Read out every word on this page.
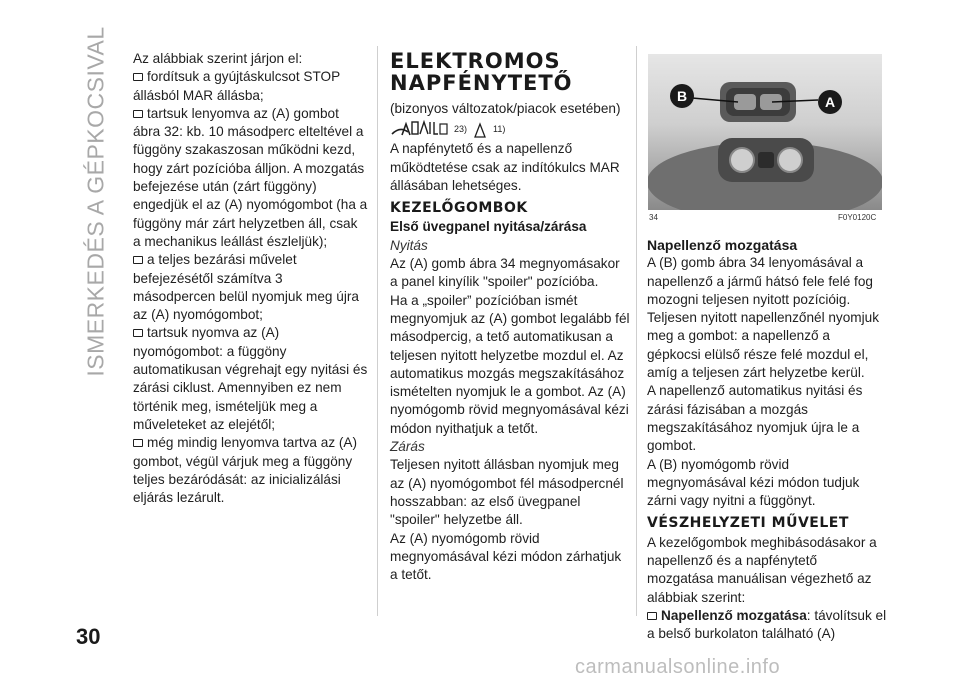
ISMERKEDÉS A GÉPKOCSIVAL Az alábbiak szerint járjon el:

fordítsuk a gyújtáskulcsot STOP állásból MAR állásba;

tartsuk lenyomva az (A) gombot ábra 32: kb. 10 másodperc elteltével a függöny szakaszosan működni kezd, hogy zárt pozícióba álljon. A mozgatás befejezése után (zárt függöny) engedjük el az (A) nyomógombot (ha a függöny már zárt helyzetben áll, csak a mechanikus leállást észleljük);

a teljes bezárási művelet befejezésétől számítva 3 másodpercen belül nyomjuk meg újra az (A) nyomógombot;

tartsuk nyomva az (A) nyomógombot: a függöny automatikusan végrehajt egy nyitási és zárási ciklust. Amennyiben ez nem történik meg, ismételjük meg a műveleteket az elejétől;

még mindig lenyomva tartva az (A) gombot, végül várjuk meg a függöny teljes bezáródását: az inicializálási eljárás lezárult.

ELEKTROMOS NAPFÉNYTETŐ

(bizonyos változatok/piacok esetében)

23)	11)

A napfénytető és a napellenző működtetése csak az indítókulcs MAR állásában lehetséges.

KEZELŐGOMBOK
Első üvegpanel nyitása/zárása

Nyitás

Az (A) gomb ábra 34 megnyomásakor a panel kinyílik "spoiler" pozícióba.

Ha a „spoiler” pozícióban ismét megnyomjuk az (A) gombot legalább fél másodpercig, a tető automatikusan a teljesen nyitott helyzetbe mozdul el. Az automatikus mozgás megszakításához ismételten nyomjuk le a gombot. Az (A) nyomógomb rövid megnyomásával kézi módon nyithatjuk a tetőt.

Zárás

Teljesen nyitott állásban nyomjuk meg az (A) nyomógombot fél másodpercnél hosszabban: az első üvegpanel "spoiler" helyzetbe áll.

Az (A) nyomógomb rövid megnyomásával kézi módon zárhatjuk a tetőt.

B	A
34	F0Y0120C
Napellenző mozgatása

A (B) gomb ábra 34 lenyomásával a napellenző a jármű hátsó fele felé fog mozogni teljesen nyitott pozícióig. Teljesen nyitott napellenzőnél nyomjuk meg a gombot: a napellenző a gépkocsi elülső része felé mozdul el, amíg a teljesen zárt helyzetbe kerül.

A napellenző automatikus nyitási és zárási fázisában a mozgás megszakításához nyomjuk újra le a gombot.

A (B) nyomógomb rövid megnyomásával kézi módon tudjuk zárni vagy nyitni a függönyt.

VÉSZHELYZETI MŰVELET

A kezelőgombok meghibásodásakor a napellenző és a napfénytető mozgatása manuálisan végezhető az alábbiak szerint:

Napellenző mozgatása: távolítsuk el a belső burkolaton található (A)

30
carmanualsonline.info
